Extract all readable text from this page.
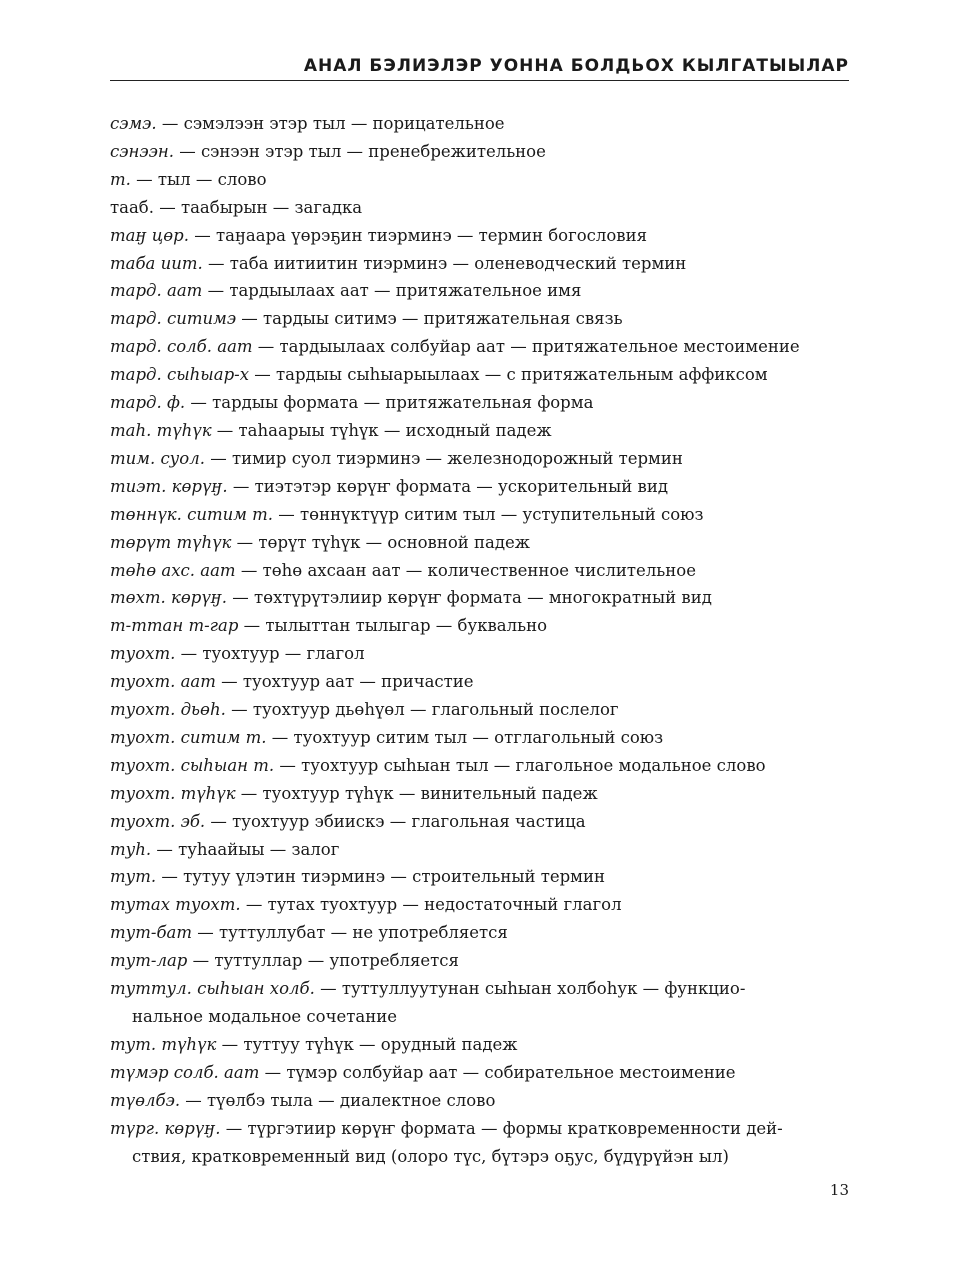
АНАЛ БЭЛИЭЛЭР УОННА БОЛДЬОХ КЫЛГАТЫЫЛАР
сэмэ. — сэмэлээн этэр тыл — порицательное
сэнээн. — сэнээн этэр тыл — пренебрежительное
т. — тыл — слово
тааб. — таабырын — загадка
таӈ цөр. — таӈаара үөрэҕин тиэрминэ — термин богословия
таба иит. — таба иитиитин тиэрминэ — оленеводческий термин
тард. аат — тардыылаах аат — притяжательное имя
тард. ситимэ — тардыы ситимэ — притяжательная связь
тард. солб. аат — тардыылаах солбуйар аат — притяжательное местоимение
тард. сыһыар-х — тардыы сыһыарыылаах — с притяжательным аффиксом
тард. ф. — тардыы формата — притяжательная форма
таһ. түһүк — таһаарыы түһүк — исходный падеж
тим. суол. — тимир суол тиэрминэ — железнодорожный термин
тиэт. көрүӈ. — тиэтэтэр көрүҥ формата — ускорительный вид
төннүк. ситим т. — төннүктүүр ситим тыл — уступительный союз
төрүт түһүк — төрүт түһүк — основной падеж
төһө ахс. аат — төһө ахсаан аат — количественное числительное
төхт. көрүӈ. — төхтүрүтэлиир көрүҥ формата — многократный вид
т-ттан т-гар — тылыттан тылыгар — буквально
туохт. — туохтуур — глагол
туохт. аат — туохтуур аат — причастие
туохт. дьөһ. — туохтуур дьөһүөл — глагольный послелог
туохт. ситим т. — туохтуур ситим тыл — отглагольный союз
туохт. сыһыан т. — туохтуур сыһыан тыл — глагольное модальное слово
туохт. түһүк — туохтуур түһүк — винительный падеж
туохт. эб. — туохтуур эбиискэ — глагольная частица
туһ. — туһаайыы — залог
тут. — тутуу үлэтин тиэрминэ — строительный термин
тутах туохт. — тутах туохтуур — недостаточный глагол
тут-бат — туттуллубат — не употребляется
тут-лар — туттуллар — употребляется
туттул. сыһыан холб. — туттуллуутунан сыһыан холбоһук — функцио-
нальное модальное сочетание
тут. түһүк — туттуу түһүк — орудный падеж
түмэр солб. аат — түмэр солбуйар аат — собирательное местоимение
түөлбэ. — түөлбэ тыла — диалектное слово
түрг. көрүӈ. — түргэтиир көрүҥ формата — формы кратковременности дей-
ствия, кратковременный вид (олоро түс, бүтэрэ оҕус, бүдүрүйэн ыл)
13
